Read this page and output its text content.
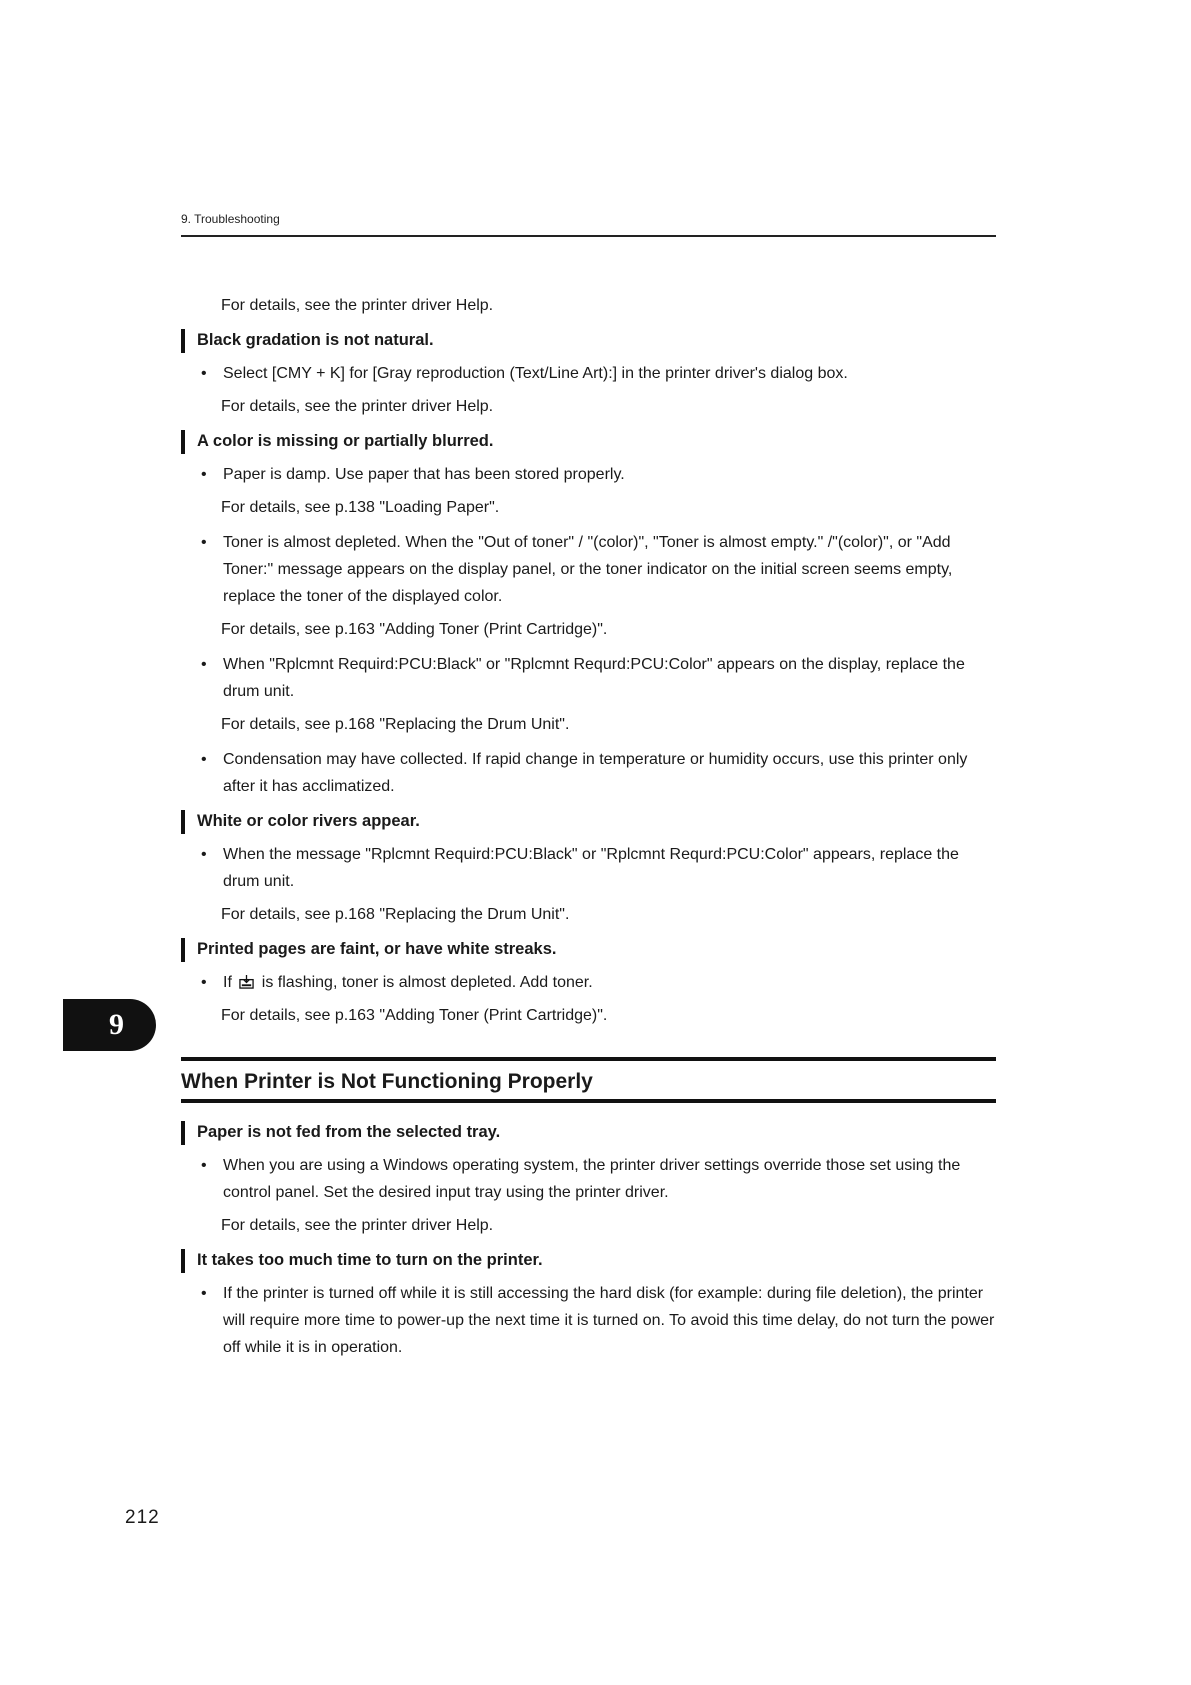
9. Troubleshooting
9
For details, see the printer driver Help.
Black gradation is not natural.
• Select [CMY + K] for [Gray reproduction (Text/Line Art):] in the printer driver's dialog box.
For details, see the printer driver Help.
A color is missing or partially blurred.
• Paper is damp. Use paper that has been stored properly.
For details, see p.138 "Loading Paper".
• Toner is almost depleted. When the "Out of toner" / "(color)", "Toner is almost empty." /"(color)", or "Add Toner:" message appears on the display panel, or the toner indicator on the initial screen seems empty, replace the toner of the displayed color.
For details, see p.163 "Adding Toner (Print Cartridge)".
• When "Rplcmnt Requird:PCU:Black" or "Rplcmnt Requrd:PCU:Color" appears on the display, replace the drum unit.
For details, see p.168 "Replacing the Drum Unit".
• Condensation may have collected. If rapid change in temperature or humidity occurs, use this printer only after it has acclimatized.
White or color rivers appear.
• When the message "Rplcmnt Requird:PCU:Black" or "Rplcmnt Requrd:PCU:Color" appears, replace the drum unit.
For details, see p.168 "Replacing the Drum Unit".
Printed pages are faint, or have white streaks.
• If is flashing, toner is almost depleted. Add toner.
For details, see p.163 "Adding Toner (Print Cartridge)".
When Printer is Not Functioning Properly
Paper is not fed from the selected tray.
• When you are using a Windows operating system, the printer driver settings override those set using the control panel. Set the desired input tray using the printer driver.
For details, see the printer driver Help.
It takes too much time to turn on the printer.
• If the printer is turned off while it is still accessing the hard disk (for example: during file deletion), the printer will require more time to power-up the next time it is turned on. To avoid this time delay, do not turn the power off while it is in operation.
212
